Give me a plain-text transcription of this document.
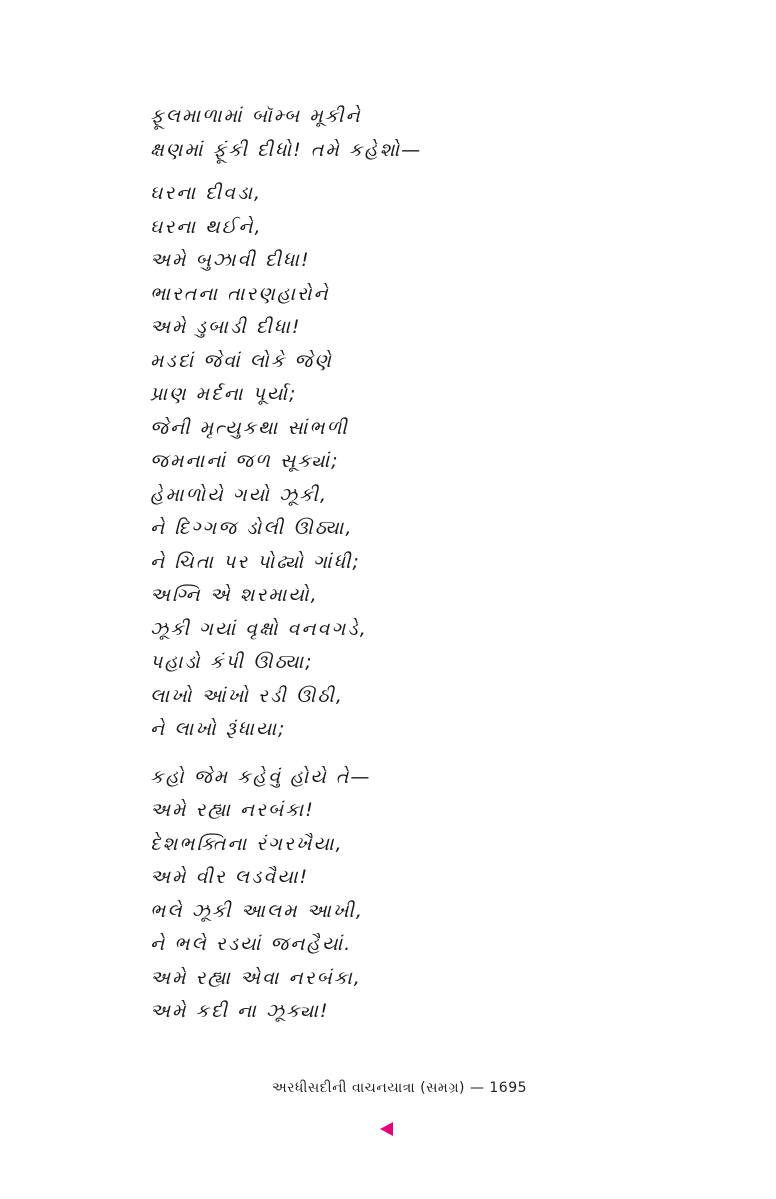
ફૂલમાળામાં બૉમ્બ મૂકીને
ક્ષણમાં ફૂંકી દીધો! તમે કહેશો—
ઘરના દીવડા,
ઘરના થઈને,
અમે બુઝાવી દીધા!
ભારતના તારણહારોને
અમે ડુબાડી દીધા!
મડદાં જેવાં લોકે જેણે
પ્રાણ મર્દના પૂર્યા;
જેની મૃત્યુકથા સાંભળી
જમનાનાં જળ સૂક્યાં;
હેમાળોયે ગયો ઝૂકી,
ને દિગ્ગજ ડોલી ઊઠ્યા,
ને ચિતા પર પોઢ્યો ગાંધી;
અગ્નિ એ શરમાયો,
ઝૂકી ગયાં વૃક્ષો વનવગડે,
પહાડો કંપી ઊઠ્યા;
લાખો આંખો રડી ઊઠી,
ને લાખો રૂંધાયા;
કહો જેમ કહેવું હોયે તે—
અમે રહ્યા નરબંકા!
દેશભક્તિના રંગરખૈયા,
અમે વીર લડવૈયા!
ભલે ઝૂકી આલમ આખી,
ને ભલે રડયાં જનહૈયાં.
અમે રહ્યા એવા નરબંકા,
અમે કદી ના ઝૂક્યા!
અરધીસદીની વાચનયાત્રા (સમગ્ર) — 1695
